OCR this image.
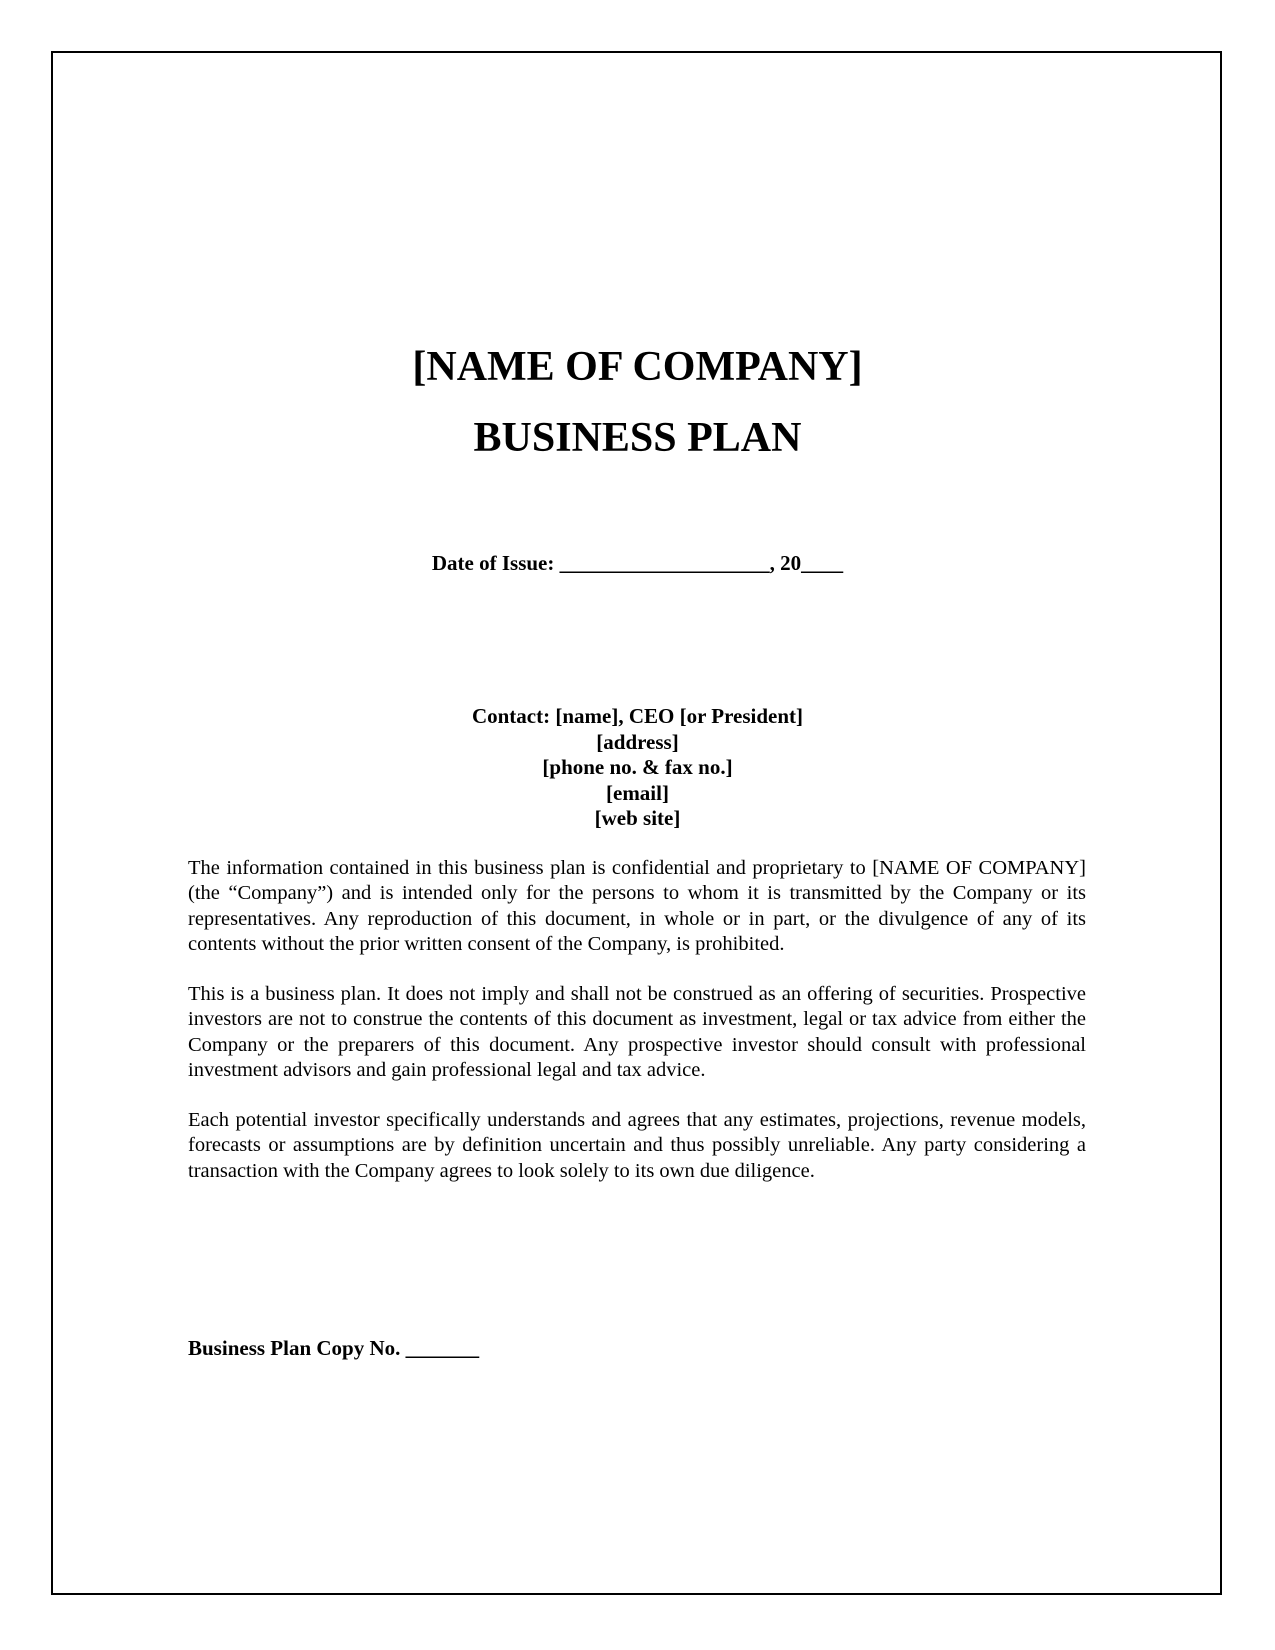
[NAME OF COMPANY]
BUSINESS PLAN
Date of Issue: ____________________, 20____
Contact: [name], CEO [or President]
[address]
[phone no. & fax no.]
[email]
[web site]

The information contained in this business plan is confidential and proprietary to [NAME OF COMPANY] (the “Company”) and is intended only for the persons to whom it is transmitted by the Company or its representatives. Any reproduction of this document, in whole or in part, or the divulgence of any of its contents without the prior written consent of the Company, is prohibited.

This is a business plan. It does not imply and shall not be construed as an offering of securities. Prospective investors are not to construe the contents of this document as investment, legal or tax advice from either the Company or the preparers of this document. Any prospective investor should consult with professional investment advisors and gain professional legal and tax advice.

Each potential investor specifically understands and agrees that any estimates, projections, revenue models, forecasts or assumptions are by definition uncertain and thus possibly unreliable. Any party considering a transaction with the Company agrees to look solely to its own due diligence.

Business Plan Copy No. _______
